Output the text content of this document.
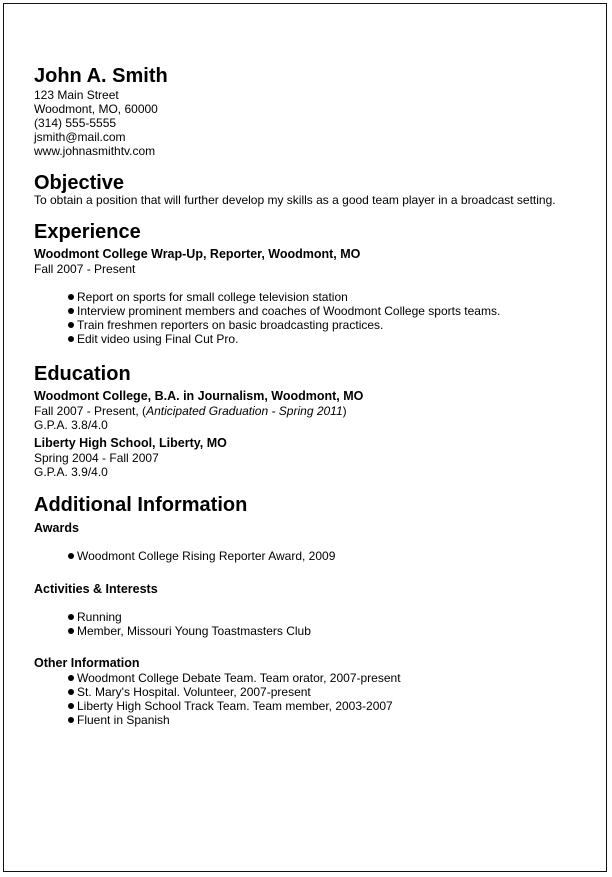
John A. Smith
123 Main Street
Woodmont, MO, 60000
(314) 555-5555
jsmith@mail.com
www.johnasmithtv.com
Objective
To obtain a position that will further develop my skills as a good team player in a broadcast setting.
Experience
Woodmont College Wrap-Up, Reporter, Woodmont, MO
Fall 2007 - Present
Report on sports for small college television station
Interview prominent members and coaches of Woodmont College sports teams.
Train freshmen reporters on basic broadcasting practices.
Edit video using Final Cut Pro.
Education
Woodmont College, B.A. in Journalism, Woodmont, MO
Fall 2007 - Present, (Anticipated Graduation - Spring 2011)
G.P.A. 3.8/4.0
Liberty High School, Liberty, MO
Spring 2004 - Fall 2007
G.P.A. 3.9/4.0
Additional Information
Awards
Woodmont College Rising Reporter Award, 2009
Activities & Interests
Running
Member, Missouri Young Toastmasters Club
Other Information
Woodmont College Debate Team. Team orator, 2007-present
St. Mary's Hospital. Volunteer, 2007-present
Liberty High School Track Team. Team member, 2003-2007
Fluent in Spanish
